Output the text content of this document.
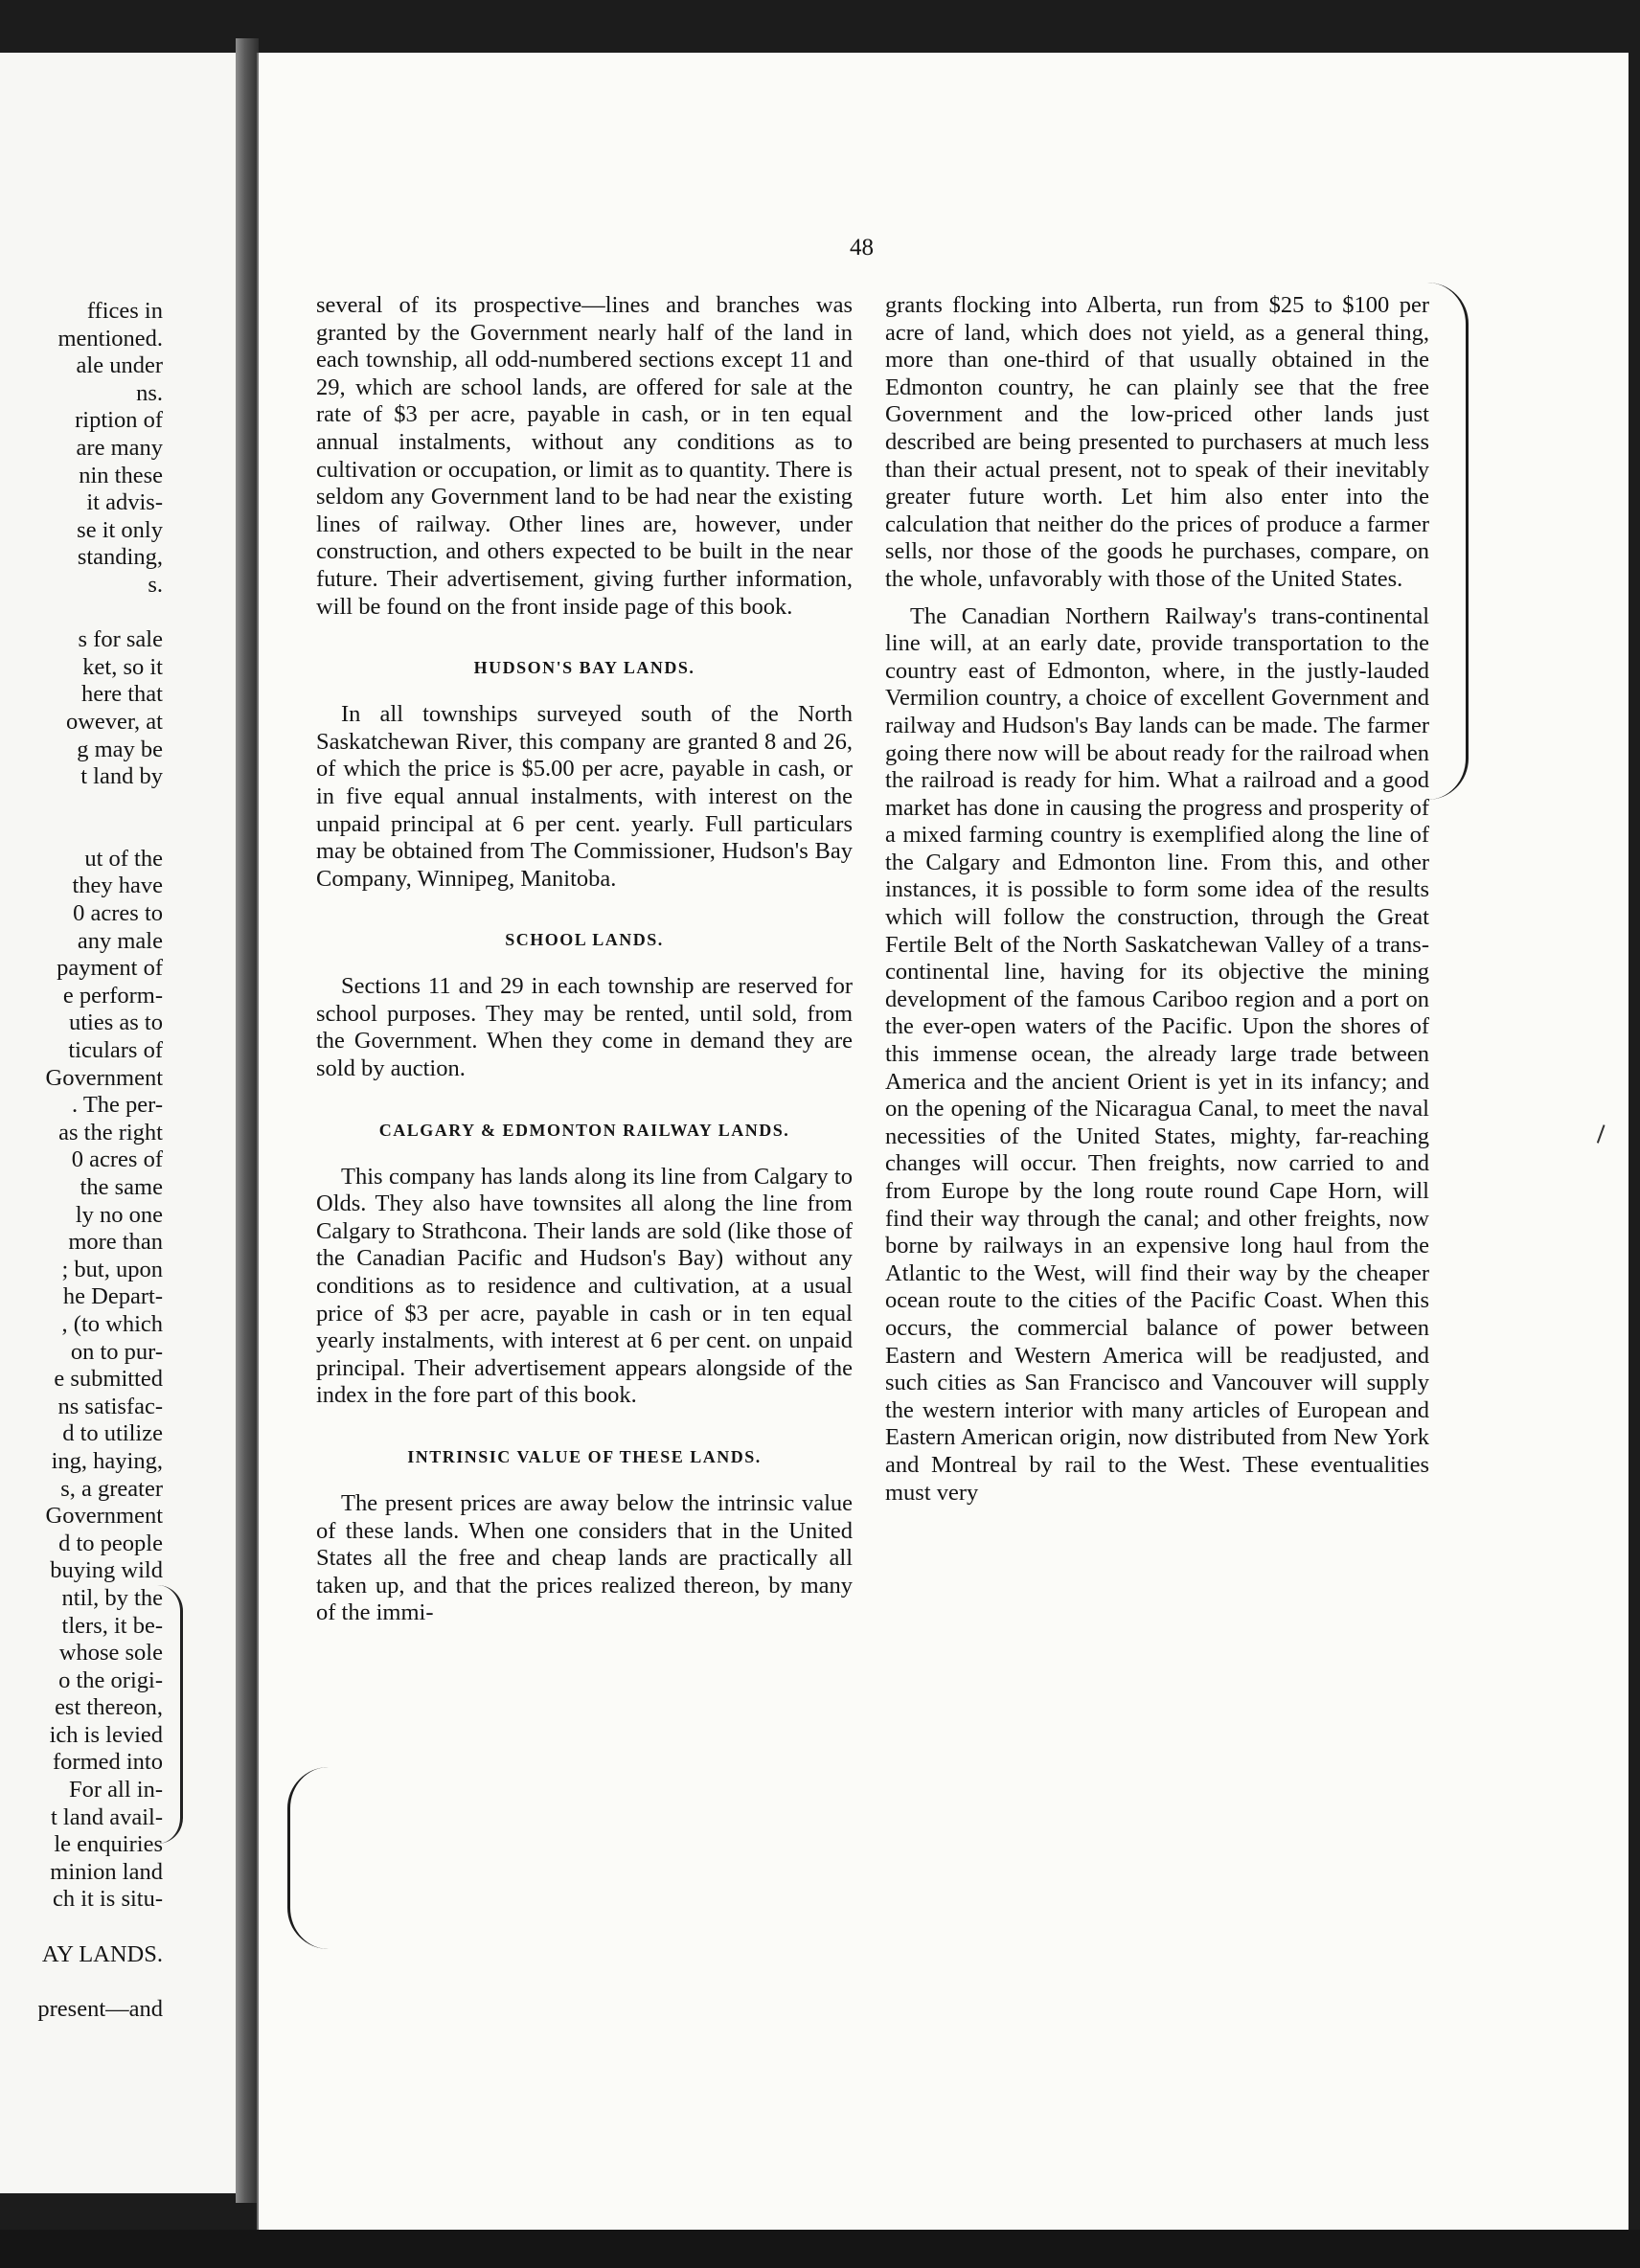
ffices in
mentioned.
ale under
ns.
ription of
are many
nin these
it advis-
se it only
standing,
s.
s for sale
ket, so it
here that
owever, at
g may be
t land by
ut of the
they have
0 acres to
any male
payment of
e perform-
uties as to
ticulars of
Government
. The per-
as the right
0 acres of
the same
ly no one
more than
; but, upon
he Depart-
, (to which
on to pur-
e submitted
ns satisfac-
d to utilize
ing, haying,
s, a greater
Government
d to people
buying wild
ntil, by the
tlers, it be-
whose sole
o the origi-
est thereon,
ich is levied
formed into
For all in-
t land avail-
le enquiries
minion land
ch it is situ-
AY LANDS.
present—and
48

several of its prospective—lines and branches was granted by the Government nearly half of the land in each township, all odd-numbered sections except 11 and 29, which are school lands, are offered for sale at the rate of $3 per acre, payable in cash, or in ten equal annual instalments, without any conditions as to cultivation or occupation, or limit as to quantity. There is seldom any Government land to be had near the existing lines of railway. Other lines are, however, under construction, and others expected to be built in the near future. Their advertisement, giving further information, will be found on the front inside page of this book.

HUDSON'S BAY LANDS.

In all townships surveyed south of the North Saskatchewan River, this company are granted 8 and 26, of which the price is $5.00 per acre, payable in cash, or in five equal annual instalments, with interest on the unpaid principal at 6 per cent. yearly. Full particulars may be obtained from The Commissioner, Hudson's Bay Company, Winnipeg, Manitoba.

SCHOOL LANDS.

Sections 11 and 29 in each township are reserved for school purposes. They may be rented, until sold, from the Government. When they come in demand they are sold by auction.

CALGARY & EDMONTON RAILWAY LANDS.

This company has lands along its line from Calgary to Olds. They also have townsites all along the line from Calgary to Strathcona. Their lands are sold (like those of the Canadian Pacific and Hudson's Bay) without any conditions as to residence and cultivation, at a usual price of $3 per acre, payable in cash or in ten equal yearly instalments, with interest at 6 per cent. on unpaid principal. Their advertisement appears alongside of the index in the fore part of this book.

INTRINSIC VALUE OF THESE LANDS.

The present prices are away below the intrinsic value of these lands. When one considers that in the United States all the free and cheap lands are practically all taken up, and that the prices realized thereon, by many of the immi-

grants flocking into Alberta, run from $25 to $100 per acre of land, which does not yield, as a general thing, more than one-third of that usually obtained in the Edmonton country, he can plainly see that the free Government and the low-priced other lands just described are being presented to purchasers at much less than their actual present, not to speak of their inevitably greater future worth. Let him also enter into the calculation that neither do the prices of produce a farmer sells, nor those of the goods he purchases, compare, on the whole, unfavorably with those of the United States.

The Canadian Northern Railway's trans-continental line will, at an early date, provide transportation to the country east of Edmonton, where, in the justly-lauded Vermilion country, a choice of excellent Government and railway and Hudson's Bay lands can be made. The farmer going there now will be about ready for the railroad when the railroad is ready for him. What a railroad and a good market has done in causing the progress and prosperity of a mixed farming country is exemplified along the line of the Calgary and Edmonton line. From this, and other instances, it is possible to form some idea of the results which will follow the construction, through the Great Fertile Belt of the North Saskatchewan Valley of a trans-continental line, having for its objective the mining development of the famous Cariboo region and a port on the ever-open waters of the Pacific. Upon the shores of this immense ocean, the already large trade between America and the ancient Orient is yet in its infancy; and on the opening of the Nicaragua Canal, to meet the naval necessities of the United States, mighty, far-reaching changes will occur. Then freights, now carried to and from Europe by the long route round Cape Horn, will find their way through the canal; and other freights, now borne by railways in an expensive long haul from the Atlantic to the West, will find their way by the cheaper ocean route to the cities of the Pacific Coast. When this occurs, the commercial balance of power between Eastern and Western America will be readjusted, and such cities as San Francisco and Vancouver will supply the western interior with many articles of European and Eastern American origin, now distributed from New York and Montreal by rail to the West. These eventualities must very
